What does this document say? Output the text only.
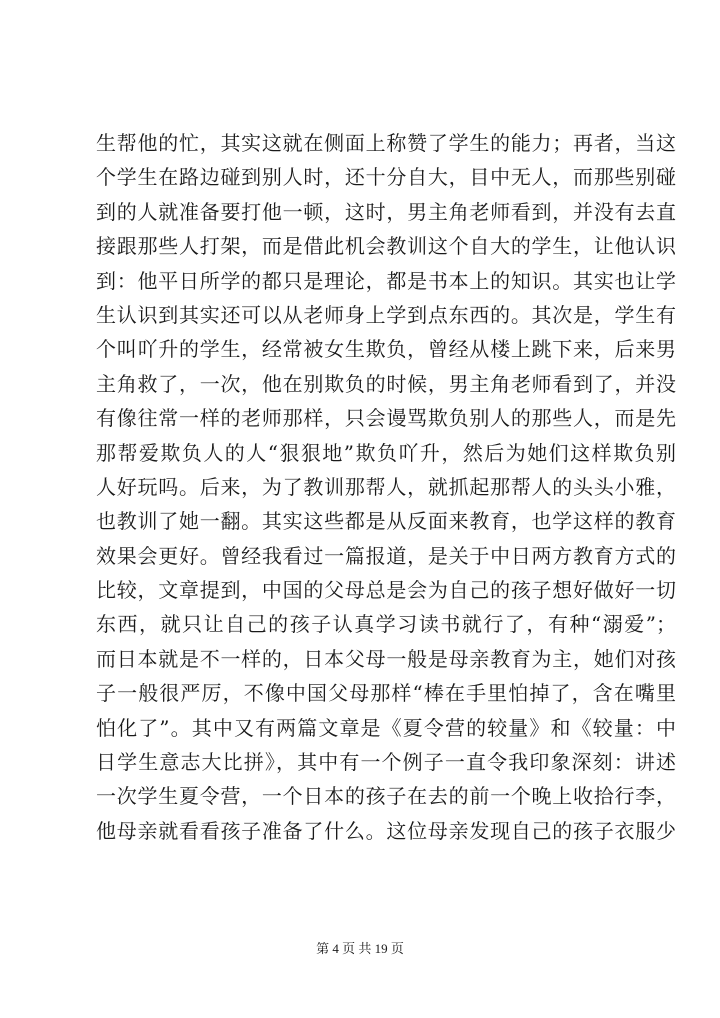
生帮他的忙，其实这就在侧面上称赞了学生的能力；再者，当这
个学生在路边碰到别人时，还十分自大，目中无人，而那些别碰
到的人就准备要打他一顿，这时，男主角老师看到，并没有去直
接跟那些人打架，而是借此机会教训这个自大的学生，让他认识
到：他平日所学的都只是理论，都是书本上的知识。其实也让学
生认识到其实还可以从老师身上学到点东西的。其次是，学生有
个叫吖升的学生，经常被女生欺负，曾经从楼上跳下来，后来男
主角救了，一次，他在别欺负的时候，男主角老师看到了，并没
有像往常一样的老师那样，只会谩骂欺负别人的那些人，而是先
那帮爱欺负人的人“狠狠地”欺负吖升，然后为她们这样欺负别
人好玩吗。后来，为了教训那帮人，就抓起那帮人的头头小雅，
也教训了她一翻。其实这些都是从反面来教育，也学这样的教育
效果会更好。曾经我看过一篇报道，是关于中日两方教育方式的
比较，文章提到，中国的父母总是会为自己的孩子想好做好一切
东西，就只让自己的孩子认真学习读书就行了，有种“溺爱”；
而日本就是不一样的，日本父母一般是母亲教育为主，她们对孩
子一般很严厉，不像中国父母那样“棒在手里怕掉了，含在嘴里
怕化了”。其中又有两篇文章是《夏令营的较量》和《较量：中
日学生意志大比拼》，其中有一个例子一直令我印象深刻：讲述
一次学生夏令营，一个日本的孩子在去的前一个晚上收拾行李，
他母亲就看看孩子准备了什么。这位母亲发现自己的孩子衣服少
第 4 页 共 19 页
